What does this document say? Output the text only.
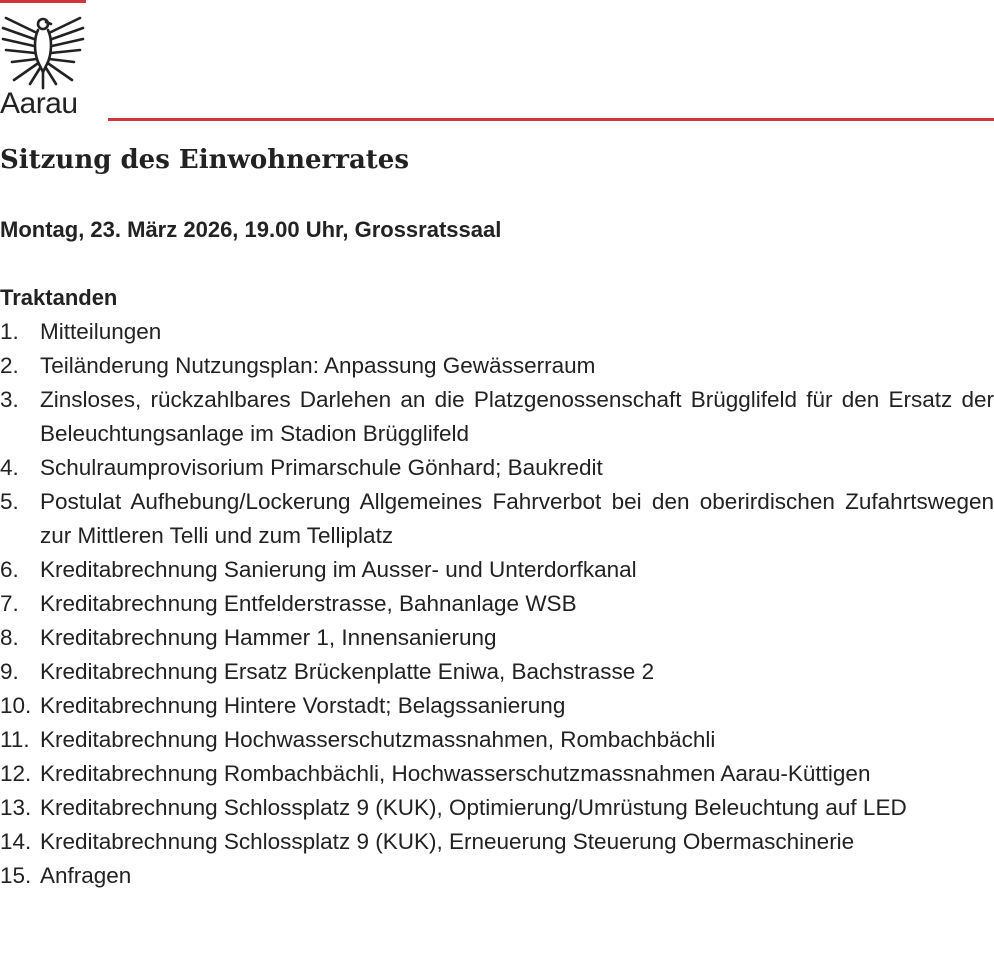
Aarau
Sitzung des Einwohnerrates

Montag, 23. März 2026, 19.00 Uhr, Grossratssaal

Traktanden
1. Mitteilungen
2. Teiländerung Nutzungsplan: Anpassung Gewässerraum
3. Zinsloses, rückzahlbares Darlehen an die Platzgenossenschaft Brügglifeld für den Ersatz der Beleuchtungsanlage im Stadion Brügglifeld
4. Schulraumprovisorium Primarschule Gönhard; Baukredit
5. Postulat Aufhebung/Lockerung Allgemeines Fahrverbot bei den oberirdischen Zufahrtswegen zur Mittleren Telli und zum Telliplatz
6. Kreditabrechnung Sanierung im Ausser- und Unterdorfkanal
7. Kreditabrechnung Entfelderstrasse, Bahnanlage WSB
8. Kreditabrechnung Hammer 1, Innensanierung
9. Kreditabrechnung Ersatz Brückenplatte Eniwa, Bachstrasse 2
10. Kreditabrechnung Hintere Vorstadt; Belagssanierung
11. Kreditabrechnung Hochwasserschutzmassnahmen, Rombachbächli
12. Kreditabrechnung Rombachbächli, Hochwasserschutzmassnahmen Aarau-Küttigen
13. Kreditabrechnung Schlossplatz 9 (KUK), Optimierung/Umrüstung Beleuchtung auf LED
14. Kreditabrechnung Schlossplatz 9 (KUK), Erneuerung Steuerung Obermaschinerie
15. Anfragen
